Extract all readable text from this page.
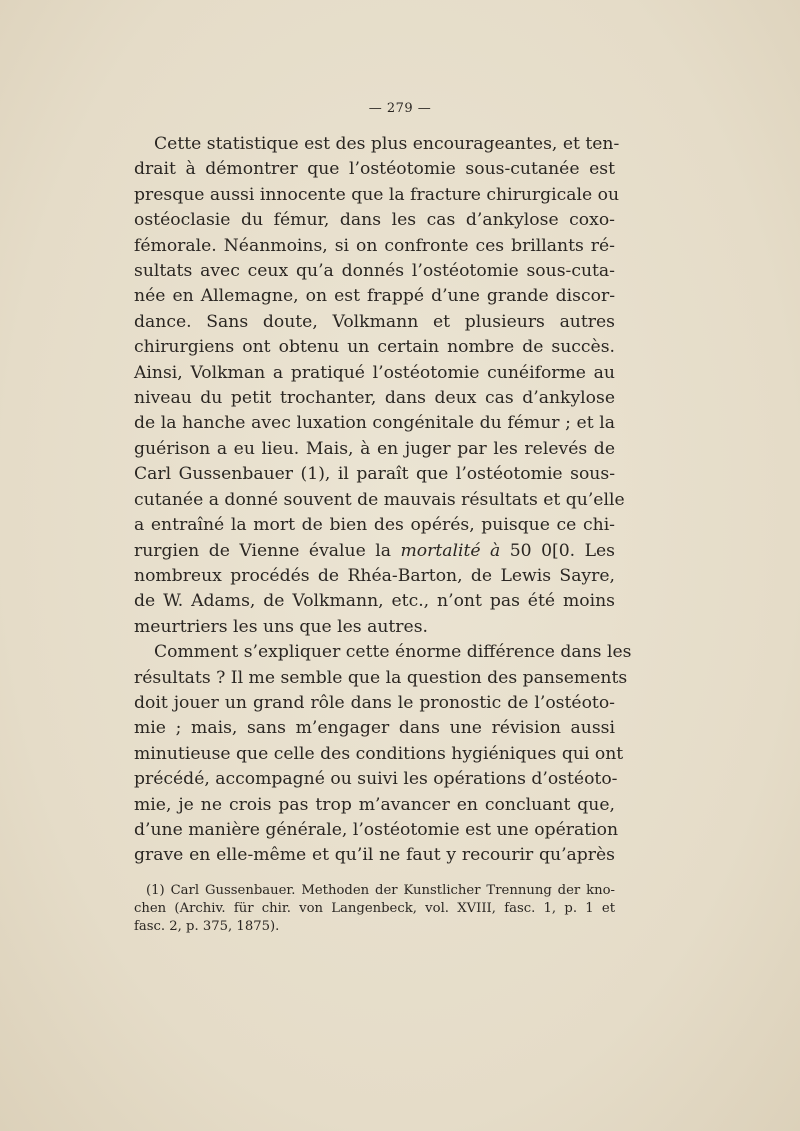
— 279 —
Cette statistique est des plus encourageantes, et ten-
drait à démontrer que l’ostéotomie sous-cutanée est
presque aussi innocente que la fracture chirurgicale ou
ostéoclasie du fémur, dans les cas d’ankylose coxo-
fémorale. Néanmoins, si on confronte ces brillants ré-
sultats avec ceux qu’a donnés l’ostéotomie sous-cuta-
née en Allemagne, on est frappé d’une grande discor-
dance. Sans doute, Volkmann et plusieurs autres
chirurgiens ont obtenu un certain nombre de succès.
Ainsi, Volkman a pratiqué l’ostéotomie cunéiforme au
niveau du petit trochanter, dans deux cas d’ankylose
de la hanche avec luxation congénitale du fémur ; et la
guérison a eu lieu. Mais, à en juger par les relevés de
Carl Gussenbauer (1), il paraît que l’ostéotomie sous-
cutanée a donné souvent de mauvais résultats et qu’elle
a entraîné la mort de bien des opérés, puisque ce chi-
rurgien de Vienne évalue la mortalité à 50 0[0. Les
nombreux procédés de Rhéa-Barton, de Lewis Sayre,
de W. Adams, de Volkmann, etc., n’ont pas été moins
meurtriers les uns que les autres.
Comment s’expliquer cette énorme différence dans les
résultats ? Il me semble que la question des pansements
doit jouer un grand rôle dans le pronostic de l’ostéoto-
mie ; mais, sans m’engager dans une révision aussi
minutieuse que celle des conditions hygiéniques qui ont
précédé, accompagné ou suivi les opérations d’ostéoto-
mie, je ne crois pas trop m’avancer en concluant que,
d’une manière générale, l’ostéotomie est une opération
grave en elle-même et qu’il ne faut y recourir qu’après
(1) Carl Gussenbauer. Methoden der Kunstlicher Trennung der kno-
chen (Archiv. für chir. von Langenbeck, vol. XVIII, fasc. 1, p. 1 et
fasc. 2, p. 375, 1875).
